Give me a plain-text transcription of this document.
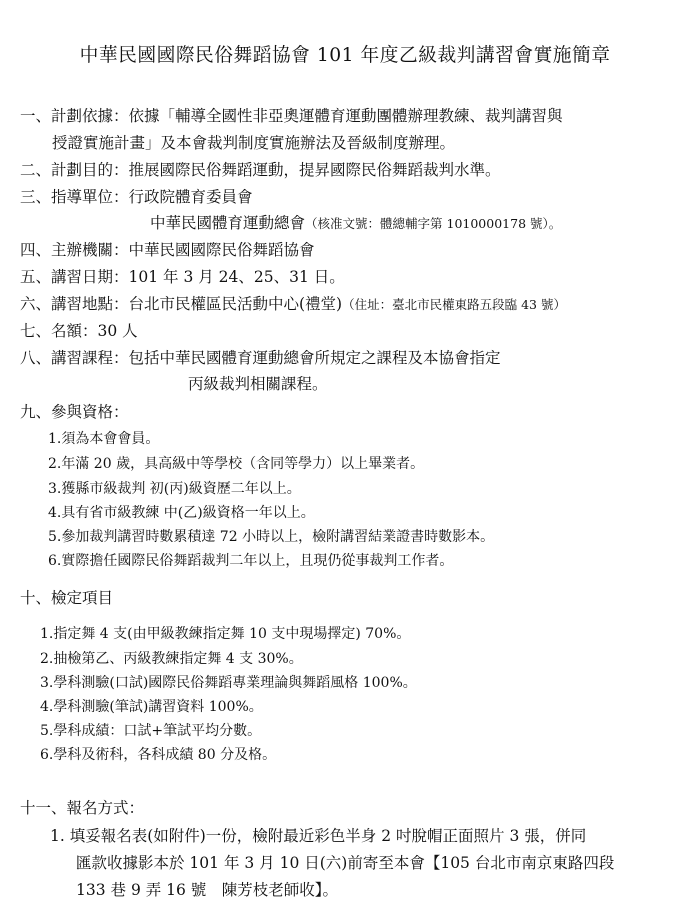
中華民國國際民俗舞蹈協會 101 年度乙級裁判講習會實施簡章
一、計劃依據：依據「輔導全國性非亞奧運體育運動團體辦理教練、裁判講習與
授證實施計畫」及本會裁判制度實施辦法及晉級制度辦理。
二、計劃目的：推展國際民俗舞蹈運動，提昇國際民俗舞蹈裁判水準。
三、指導單位：行政院體育委員會
中華民國體育運動總會（核准文號：體總輔字第 1010000178 號）。
四、主辦機關：中華民國國際民俗舞蹈協會
五、講習日期：101 年 3 月 24、25、31 日。
六、講習地點：台北市民權區民活動中心(禮堂)（住址：臺北市民權東路五段臨 43 號）
七、名額：30 人
八、講習課程：包括中華民國體育運動總會所規定之課程及本協會指定
丙級裁判相關課程。
九、參與資格：
1.須為本會會員。
2.年滿 20 歲，具高級中等學校（含同等學力）以上畢業者。
3.獲縣市級裁判 初(丙)級資歷二年以上。
4.具有省市級教練 中(乙)級資格一年以上。
5.參加裁判講習時數累積達 72 小時以上，檢附講習結業證書時數影本。
6.實際擔任國際民俗舞蹈裁判二年以上，且現仍從事裁判工作者。
十、檢定項目
1.指定舞 4 支(由甲級教練指定舞 10 支中現場擇定) 70%。
2.抽檢第乙、丙級教練指定舞 4 支 30%。
3.學科測驗(口試)國際民俗舞蹈專業理論與舞蹈風格 100%。
4.學科測驗(筆試)講習資料 100%。
5.學科成績：口試+筆試平均分數。
6.學科及術科，各科成績 80 分及格。
十一、報名方式：
1. 填妥報名表(如附件)一份，檢附最近彩色半身 2 吋脫帽正面照片 3 張，併同
匯款收據影本於 101 年 3 月 10 日(六)前寄至本會【105 台北市南京東路四段
133 巷 9 弄 16 號　陳芳枝老師收】。
